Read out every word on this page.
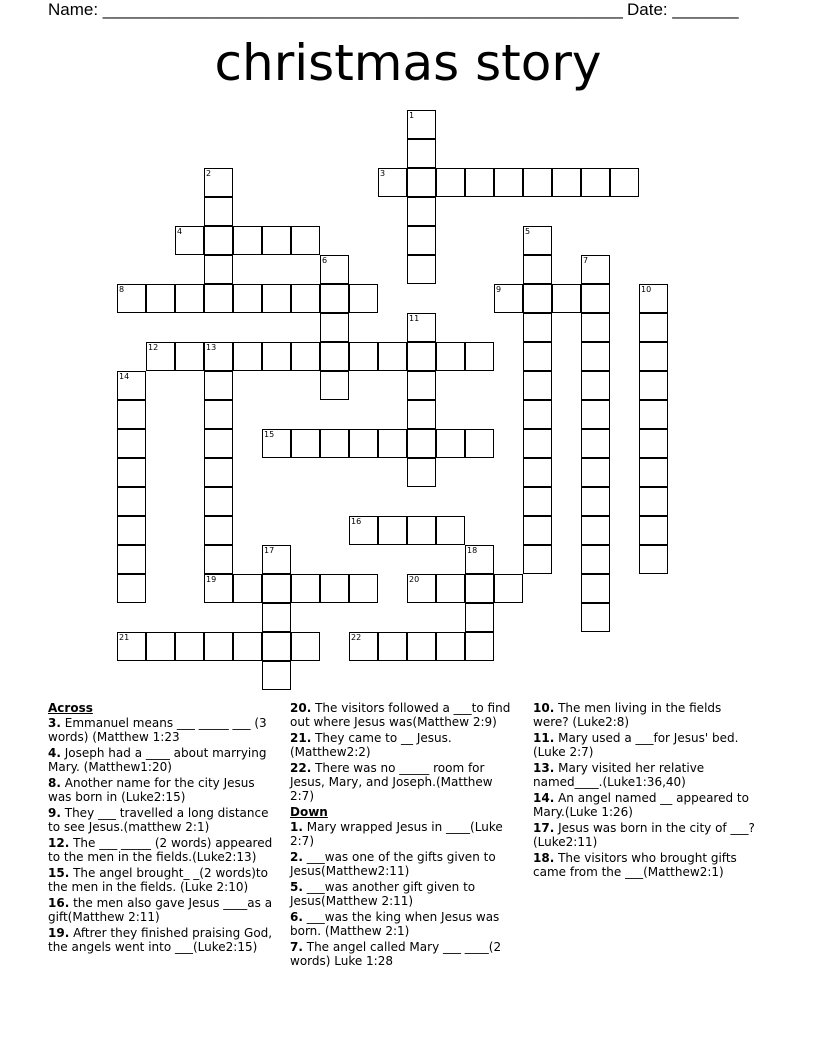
Name: _______________________________________________________ Date: _______
christmas story
3
4
8	9
12	13
15
16
19	20
21	22
1
2
5
6	7
10
11
14
17	18
Across
3. Emmanuel means ___ _____ ___ (3 words) (Matthew 1:23
4. Joseph had a ____ about marrying Mary. (Matthew1:20)
8. Another name for the city Jesus was born in (Luke2:15)
9. They ___ travelled a long distance to see Jesus.(matthew 2:1)
12. The ___ _____ (2 words) appeared to the men in the fields.(Luke2:13)
15. The angel brought_ _(2 words)to the men in the fields. (Luke 2:10)
16. the men also gave Jesus ____as a gift(Matthew 2:11)
19. Aftrer they finished praising God, the angels went into ___(Luke2:15)
20. The visitors followed a ___to find out where Jesus was(Matthew 2:9)
21. They came to __ Jesus.(Matthew2:2)
22. There was no _____ room for Jesus, Mary, and Joseph.(Matthew 2:7)
Down
1. Mary wrapped Jesus in ____(Luke 2:7)
2. ___was one of the gifts given to Jesus(Matthew2:11)
5. ___was another gift given to Jesus(Matthew 2:11)
6. ___was the king when Jesus was born. (Matthew 2:1)
7. The angel called Mary ___ ____(2 words) Luke 1:28
10. The men living in the fields were? (Luke2:8)
11. Mary used a ___for Jesus' bed.(Luke 2:7)
13. Mary visited her relative named____.(Luke1:36,40)
14. An angel named __ appeared to Mary.(Luke 1:26)
17. Jesus was born in the city of ___?(Luke2:11)
18. The visitors who brought gifts came from the ___(Matthew2:1)
